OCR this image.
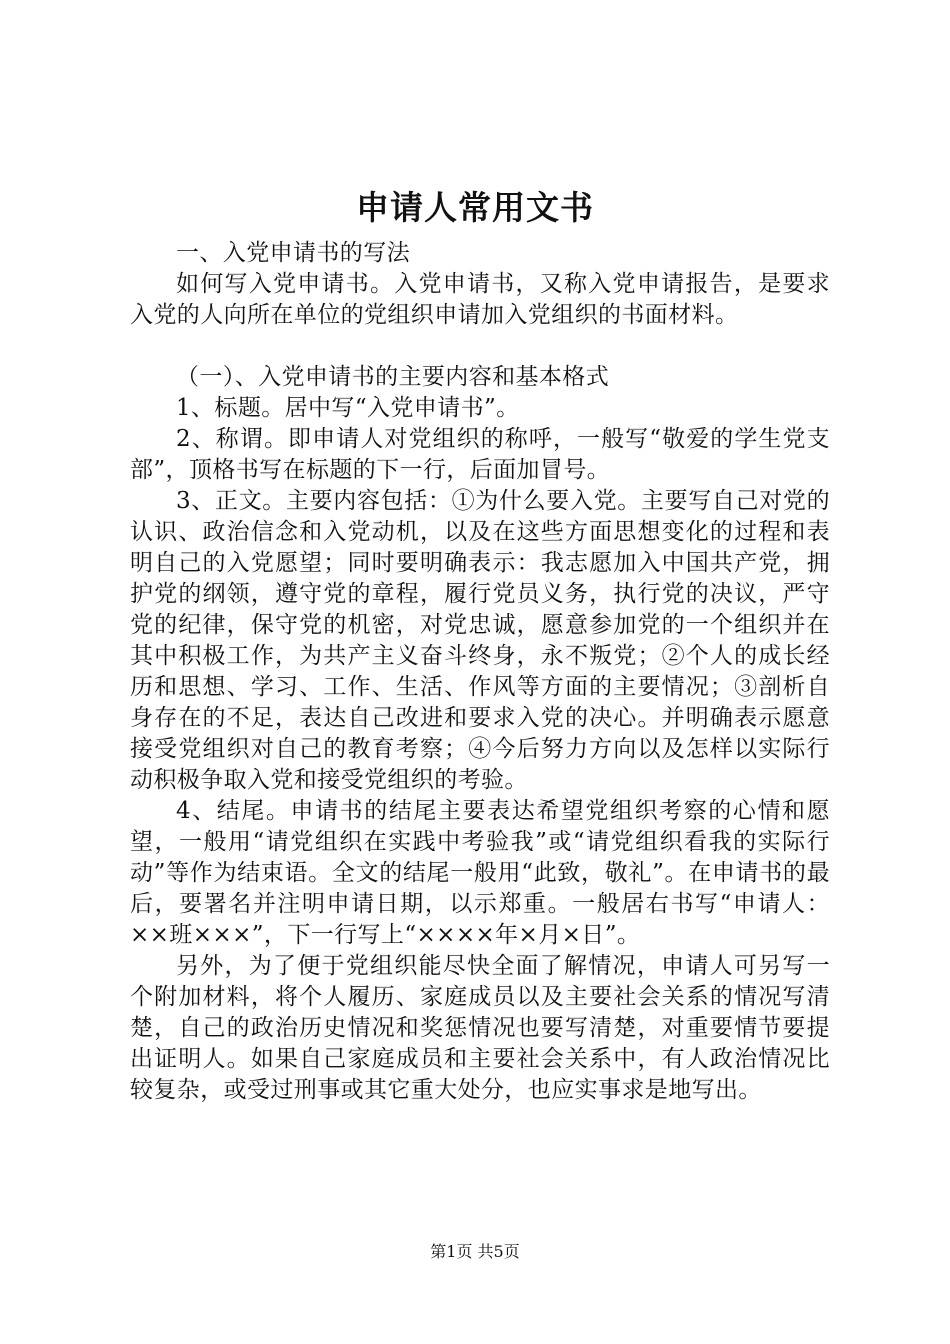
申请人常用文书

一、入党申请书的写法

如何写入党申请书。入党申请书，又称入党申请报告，是要求入党的人向所在单位的党组织申请加入党组织的书面材料。

（一）、入党申请书的主要内容和基本格式

1、标题。居中写“入党申请书”。

2、称谓。即申请人对党组织的称呼，一般写“敬爱的学生党支部”，顶格书写在标题的下一行，后面加冒号。

3、正文。主要内容包括：①为什么要入党。主要写自己对党的认识、政治信念和入党动机，以及在这些方面思想变化的过程和表明自己的入党愿望；同时要明确表示：我志愿加入中国共产党，拥护党的纲领，遵守党的章程，履行党员义务，执行党的决议，严守党的纪律，保守党的机密，对党忠诚，愿意参加党的一个组织并在其中积极工作，为共产主义奋斗终身，永不叛党；②个人的成长经历和思想、学习、工作、生活、作风等方面的主要情况；③剖析自身存在的不足，表达自己改进和要求入党的决心。并明确表示愿意接受党组织对自己的教育考察；④今后努力方向以及怎样以实际行动积极争取入党和接受党组织的考验。

4、结尾。申请书的结尾主要表达希望党组织考察的心情和愿望，一般用“请党组织在实践中考验我”或“请党组织看我的实际行动”等作为结束语。全文的结尾一般用“此致，敬礼”。在申请书的最后，要署名并注明申请日期，以示郑重。一般居右书写“申请人：××班×××”，下一行写上“××××年×月×日”。

另外，为了便于党组织能尽快全面了解情况，申请人可另写一个附加材料，将个人履历、家庭成员以及主要社会关系的情况写清楚，自己的政治历史情况和奖惩情况也要写清楚，对重要情节要提出证明人。如果自己家庭成员和主要社会关系中，有人政治情况比较复杂，或受过刑事或其它重大处分，也应实事求是地写出。

第1页 共5页
